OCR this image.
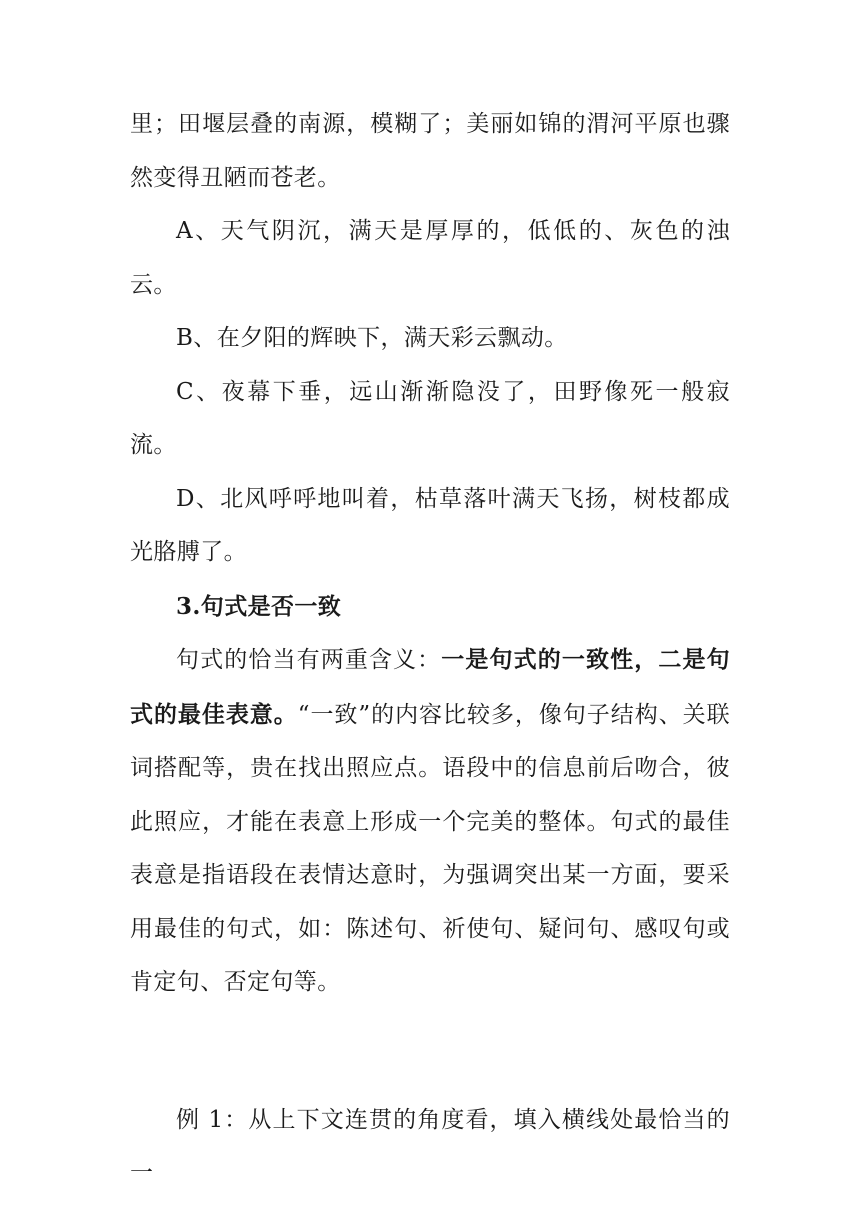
里；田堰层叠的南源，模糊了；美丽如锦的渭河平原也骤然变得丑陋而苍老。

A、天气阴沉，满天是厚厚的，低低的、灰色的浊云。

B、在夕阳的辉映下，满天彩云飘动。

C、夜幕下垂，远山渐渐隐没了，田野像死一般寂流。

D、北风呼呼地叫着，枯草落叶满天飞扬，树枝都成光胳膊了。

3.句式是否一致

句式的恰当有两重含义：一是句式的一致性，二是句式的最佳表意。“一致”的内容比较多，像句子结构、关联词搭配等，贵在找出照应点。语段中的信息前后吻合，彼此照应，才能在表意上形成一个完美的整体。句式的最佳表意是指语段在表情达意时，为强调突出某一方面，要采用最佳的句式，如：陈述句、祈使句、疑问句、感叹句或肯定句、否定句等。

例 1：从上下文连贯的角度看，填入横线处最恰当的一
